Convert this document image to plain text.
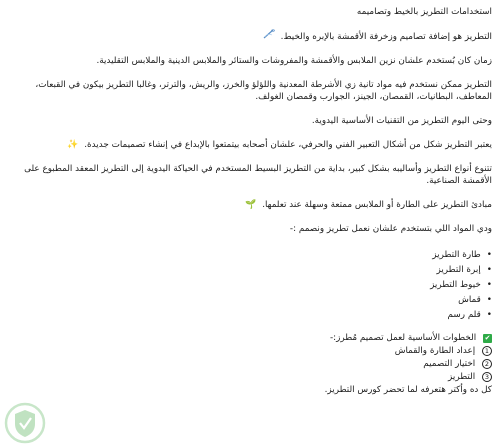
استخدامات التطريز بالخيط وتصاميمه
التطريز هو إضافة تصاميم وزخرفة الأقمشة بالإبره والخيط.
زمان كان بُستخدم علشان نزين الملابس والأقمشة والمفروشات والستائر والملابس الدينية والملابس التقليدية.
التطريز ممكن نستخدم فيه مواد تانية زي الأشرطة المعدنية واللؤلؤ والخرز، والريش، والترتر، وغالبا التطريز بيكون في القبعات، المعاطف، البطانيات، القمصان، الجينز، الجوارب وقمصان الغولف.
وحتى اليوم التطريز من التقنيات الأساسية اليدوية.
يعتبر التطريز شكل من أشكال التعبير الفني والحرفي، علشان أصحابه بيتمتعوا بالإبداع في إنشاء تصميمات جديدة. ✨
تتنوع أنواع التطريز وأساليبه بشكل كبير، بداية من التطريز البسيط المستخدم في الحياكة اليدوية إلى التطريز المعقد المطبوع على الأقمشة الصناعية.
مبادئ التطريز على الطارة أو الملابس ممتعة وسهلة عند تعلمها. 🌱
ودي المواد اللي بتستخدم علشان نعمل تطريز ونصمم :-
• طارة التطريز
• إبرة التطريز
• خيوط التطريز
• قماش
• قلم رسم
✔ الخطوات الأساسية لعمل تصميم مُطرز:-
1 إعداد الطارة والقماش
2 اختيار التصميم
3 التطريز
كل ده وأكتر هتعرفه لما تحضر كورس التطريز.
